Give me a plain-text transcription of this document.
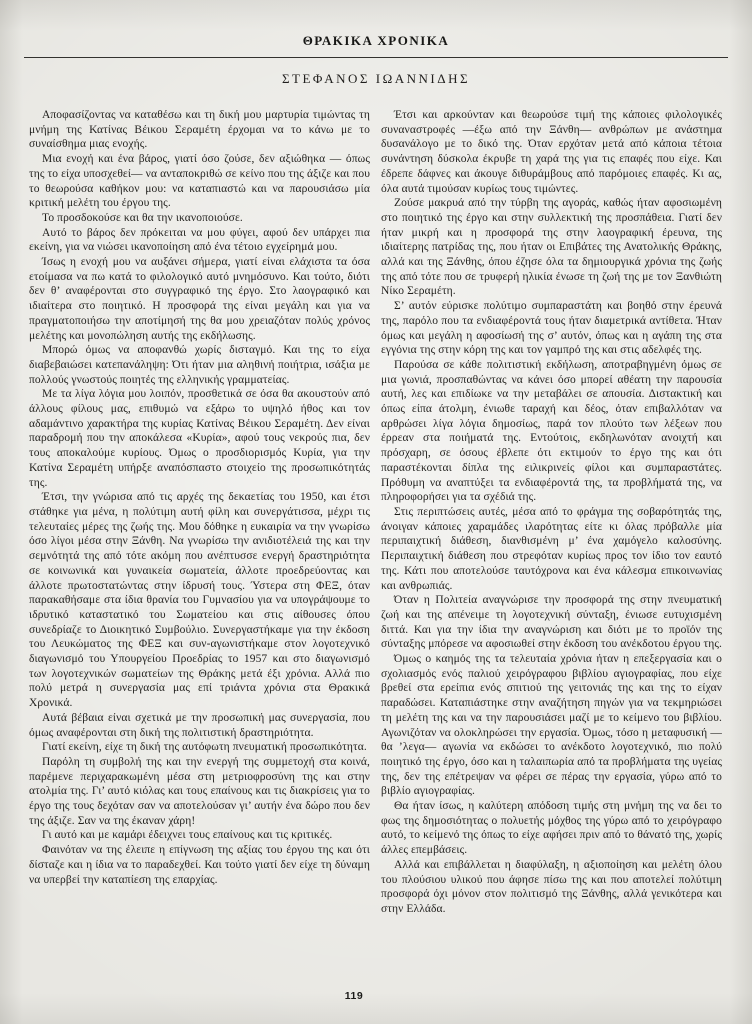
ΘΡΑΚΙΚΑ ΧΡΟΝΙΚΑ
ΣΤΕΦΑΝΟΣ ΙΩΑΝΝΙΔΗΣ

Αποφασίζοντας να καταθέσω και τη δική μου μαρτυρία τιμώντας τη μνήμη της Κατίνας Βέικου Σεραμέτη έρχομαι να το κάνω με το συναίσθημα μιας ενοχής.

Μια ενοχή και ένα βάρος, γιατί όσο ζούσε, δεν αξιώθηκα — όπως της το είχα υποσχεθεί— να ανταποκριθώ σε κείνο που της άξιζε και που το θεωρούσα καθήκον μου: να καταπιαστώ και να παρουσιάσω μία κριτική μελέτη του έργου της.

Το προσδοκούσε και θα την ικανοποιούσε.

Αυτό το βάρος δεν πρόκειται να μου φύγει, αφού δεν υπάρχει πια εκείνη, για να νιώσει ικανοποίηση από ένα τέτοιο εγχείρημά μου.

Ίσως η ενοχή μου να αυξάνει σήμερα, γιατί είναι ελάχιστα τα όσα ετοίμασα να πω κατά το φιλολογικό αυτό μνημόσυνο. Και τούτο, διότι δεν θ’ αναφέρονται στο συγγραφικό της έργο. Στο λαογραφικό και ιδιαίτερα στο ποιητικό. Η προσφορά της είναι μεγάλη και για να πραγματοποιήσω την αποτίμησή της θα μου χρειαζόταν πολύς χρόνος μελέτης και μονοπώληση αυτής της εκδήλωσης.

Μπορώ όμως να αποφανθώ χωρίς δισταγμό. Και της το είχα διαβεβαιώσει κατεπανάληψη: Ότι ήταν μια αληθινή ποιήτρια, ισάξια με πολλούς γνωστούς ποιητές της ελληνικής γραμματείας.

Με τα λίγα λόγια μου λοιπόν, προσθετικά σε όσα θα ακουστούν από άλλους φίλους μας, επιθυμώ να εξάρω το υψηλό ήθος και τον αδαμάντινο χαρακτήρα της κυρίας Κατίνας Βέικου Σεραμέτη. Δεν είναι παραδρομή που την αποκάλεσα «Κυρία», αφού τους νεκρούς πια, δεν τους αποκαλούμε κυρίους. Όμως ο προσδιορισμός Κυρία, για την Κατίνα Σεραμέτη υπήρξε αναπόσπαστο στοιχείο της προσωπικότητάς της.

Έτσι, την γνώρισα από τις αρχές της δεκαετίας του 1950, και έτσι στάθηκε για μένα, η πολύτιμη αυτή φίλη και συνεργάτισσα, μέχρι τις τελευταίες μέρες της ζωής της. Μου δόθηκε η ευκαιρία να την γνωρίσω όσο λίγοι μέσα στην Ξάνθη. Να γνωρίσω την ανιδιοτέλειά της και την σεμνότητά της από τότε ακόμη που ανέπτυσσε ενεργή δραστηριότητα σε κοινωνικά και γυναικεία σωματεία, άλλοτε προεδρεύοντας και άλλοτε πρωτοστατώντας στην ίδρυσή τους. Ύστερα στη ΦΕΞ, όταν παρακαθήσαμε στα ίδια θρανία του Γυμνασίου για να υπογράψουμε το ιδρυτικό καταστατικό του Σωματείου και στις αίθουσες όπου συνεδρίαζε το Διοικητικό Συμβούλιο. Συνεργαστήκαμε για την έκδοση του Λευκώματος της ΦΕΞ και συν-αγωνιστήκαμε στον λογοτεχνικό διαγωνισμό του Υπουργείου Προεδρίας το 1957 και στο διαγωνισμό των λογοτεχνικών σωματείων της Θράκης μετά έξι χρόνια. Αλλά πιο πολύ μετρά η συνεργασία μας επί τριάντα χρόνια στα Θρακικά Χρονικά.

Αυτά βέβαια είναι σχετικά με την προσωπική μας συνεργασία, που όμως αναφέρονται στη δική της πολιτιστική δραστηριότητα.

Γιατί εκείνη, είχε τη δική της αυτόφωτη πνευματική προσωπικότητα.

Παρόλη τη συμβολή της και την ενεργή της συμμετοχή στα κοινά, παρέμενε περιχαρακωμένη μέσα στη μετριοφροσύνη της και στην ατολμία της. Γι’ αυτό κιόλας και τους επαίνους και τις διακρίσεις για το έργο της τους δεχόταν σαν να αποτελούσαν γι’ αυτήν ένα δώρο που δεν της άξιζε. Σαν να της έκαναν χάρη!

Γι αυτό και με καμάρι έδειχνει τους επαίνους και τις κριτικές.

Φαινόταν να της έλειπε η επίγνωση της αξίας του έργου της και ότι δίσταζε και η ίδια να το παραδεχθεί. Και τούτο γιατί δεν είχε τη δύναμη να υπερβεί την καταπίεση της επαρχίας.

Έτσι και αρκούνταν και θεωρούσε τιμή της κάποιες φιλολογικές συναναστροφές —έξω από την Ξάνθη— ανθρώπων με ανάστημα δυσανάλογο με το δικό της. Όταν ερχόταν μετά από κάποια τέτοια συνάντηση δύσκολα έκρυβε τη χαρά της για τις επαφές που είχε. Και έδρεπε δάφνες και άκουγε διθυράμβους από παρόμοιες επαφές. Κι ας, όλα αυτά τιμούσαν κυρίως τους τιμώντες.

Ζούσε μακρυά από την τύρβη της αγοράς, καθώς ήταν αφοσιωμένη στο ποιητικό της έργο και στην συλλεκτική της προσπάθεια. Γιατί δεν ήταν μικρή και η προσφορά της στην λαογραφική έρευνα, της ιδιαίτερης πατρίδας της, που ήταν οι Επιβάτες της Ανατολικής Θράκης, αλλά και της Ξάνθης, όπου έζησε όλα τα δημιουργικά χρόνια της ζωής της από τότε που σε τρυφερή ηλικία ένωσε τη ζωή της με τον Ξανθιώτη Νίκο Σεραμέτη.

Σ’ αυτόν εύρισκε πολύτιμο συμπαραστάτη και βοηθό στην έρευνά της, παρόλο που τα ενδιαφέροντά τους ήταν διαμετρικά αντίθετα. Ήταν όμως και μεγάλη η αφοσίωσή της σ’ αυτόν, όπως και η αγάπη της στα εγγόνια της στην κόρη της και τον γαμπρό της και στις αδελφές της.

Παρούσα σε κάθε πολιτιστική εκδήλωση, αποτραβηγμένη όμως σε μια γωνιά, προσπαθώντας να κάνει όσο μπορεί αθέατη την παρουσία αυτή, λες και επιδίωκε να την μεταβάλει σε απουσία. Διστακτική και όπως είπα άτολμη, ένιωθε ταραχή και δέος, όταν επιβαλλόταν να αρθρώσει λίγα λόγια δημοσίως, παρά τον πλούτο των λέξεων που έρρεαν στα ποιήματά της. Εντούτοις, εκδηλωνόταν ανοιχτή και πρόσχαρη, σε όσους έβλεπε ότι εκτιμούν το έργο της και ότι παραστέκονται δίπλα της ειλικρινείς φίλοι και συμπαραστάτες. Πρόθυμη να αναπτύξει τα ενδιαφέροντά της, τα προβλήματά της, να πληροφορήσει για τα σχέδιά της.

Στις περιπτώσεις αυτές, μέσα από το φράγμα της σοβαρότητάς της, άνοιγαν κάποιες χαραμάδες ιλαρότητας είτε κι όλας πρόβαλλε μία περιπαιχτική διάθεση, διανθισμένη μ’ ένα χαμόγελο καλοσύνης. Περιπαιχτική διάθεση που στρεφόταν κυρίως προς τον ίδιο τον εαυτό της. Κάτι που αποτελούσε ταυτόχρονα και ένα κάλεσμα επικοινωνίας και ανθρωπιάς.

Όταν η Πολιτεία αναγνώρισε την προσφορά της στην πνευματική ζωή και της απένειμε τη λογοτεχνική σύνταξη, ένιωσε ευτυχισμένη διττά. Και για την ίδια την αναγνώριση και διότι με το προϊόν της σύνταξης μπόρεσε να αφοσιωθεί στην έκδοση του ανέκδοτου έργου της.

Όμως ο καημός της τα τελευταία χρόνια ήταν η επεξεργασία και ο σχολιασμός ενός παλιού χειρόγραφου βιβλίου αγιογραφίας, που είχε βρεθεί στα ερείπια ενός σπιτιού της γειτονιάς της και της το είχαν παραδώσει. Καταπιάστηκε στην αναζήτηση πηγών για να τεκμηριώσει τη μελέτη της και να την παρουσιάσει μαζί με το κείμενο του βιβλίου. Αγωνιζόταν να ολοκληρώσει την εργασία. Όμως, τόσο η μεταφυσική —θα ’λεγα— αγωνία να εκδώσει το ανέκδοτο λογοτεχνικό, πιο πολύ ποιητικό της έργο, όσο και η ταλαιπωρία από τα προβλήματα της υγείας της, δεν της επέτρεψαν να φέρει σε πέρας την εργασία, γύρω από το βιβλίο αγιογραφίας.

Θα ήταν ίσως, η καλύτερη απόδοση τιμής στη μνήμη της να δει το φως της δημοσιότητας ο πολυετής μόχθος της γύρω από το χειρόγραφο αυτό, το κείμενό της όπως το είχε αφήσει πριν από το θάνατό της, χωρίς άλλες επεμβάσεις.

Αλλά και επιβάλλεται η διαφύλαξη, η αξιοποίηση και μελέτη όλου του πλούσιου υλικού που άφησε πίσω της και που αποτελεί πολύτιμη προσφορά όχι μόνον στον πολιτισμό της Ξάνθης, αλλά γενικότερα και στην Ελλάδα.

119
